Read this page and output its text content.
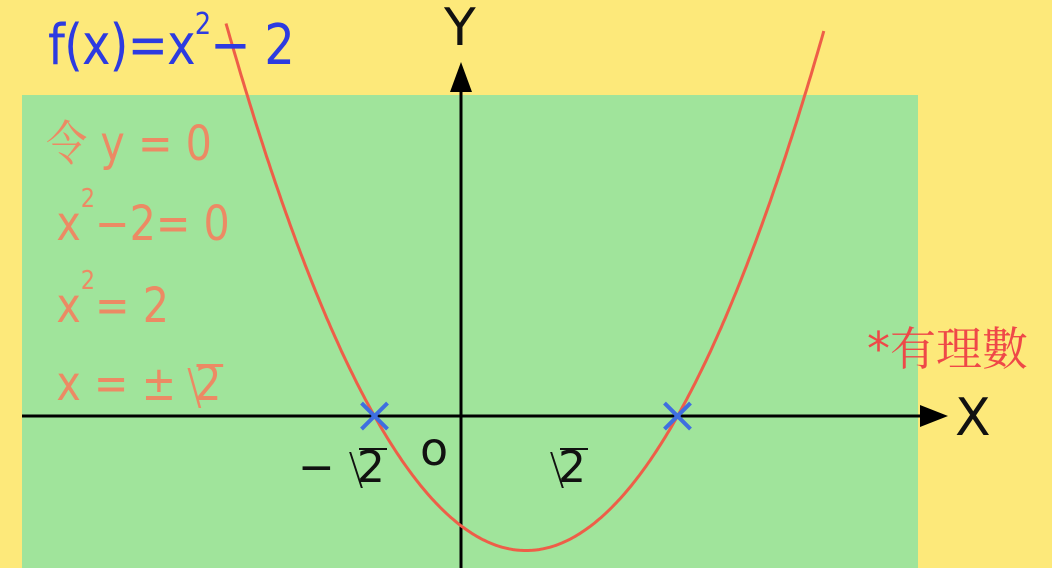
$f(x)=x^2- 2$
令 y = 0
$x^2-2= 0$
$x^2= 2$
x = ± 2
*有理數
X
Y
o
− 2	2
